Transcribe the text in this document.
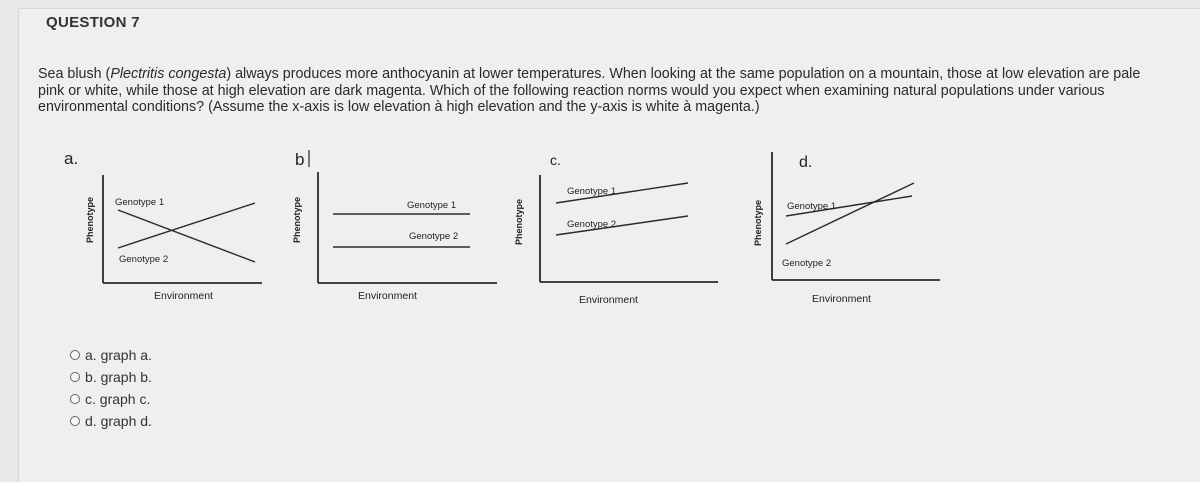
QUESTION 7
Sea blush (Plectritis congesta) always produces more anthocyanin at lower temperatures. When looking at the same population on a mountain, those at low elevation are pale pink or white, while those at high elevation are dark magenta. Which of the following reaction norms would you expect when examining natural populations under various environmental conditions? (Assume the x-axis is low elevation à high elevation and the y-axis is white à magenta.)
a.
Phenotype
Environment
Genotype 1
Genotype 2
b
Phenotype
Environment
Genotype 1
Genotype 2
c.
Phenotype
Environment
Genotype 1
Genotype 2
d.
Phenotype
Environment
Genotype 1
Genotype 2
a. graph a.
b. graph b.
c. graph c.
d. graph d.
